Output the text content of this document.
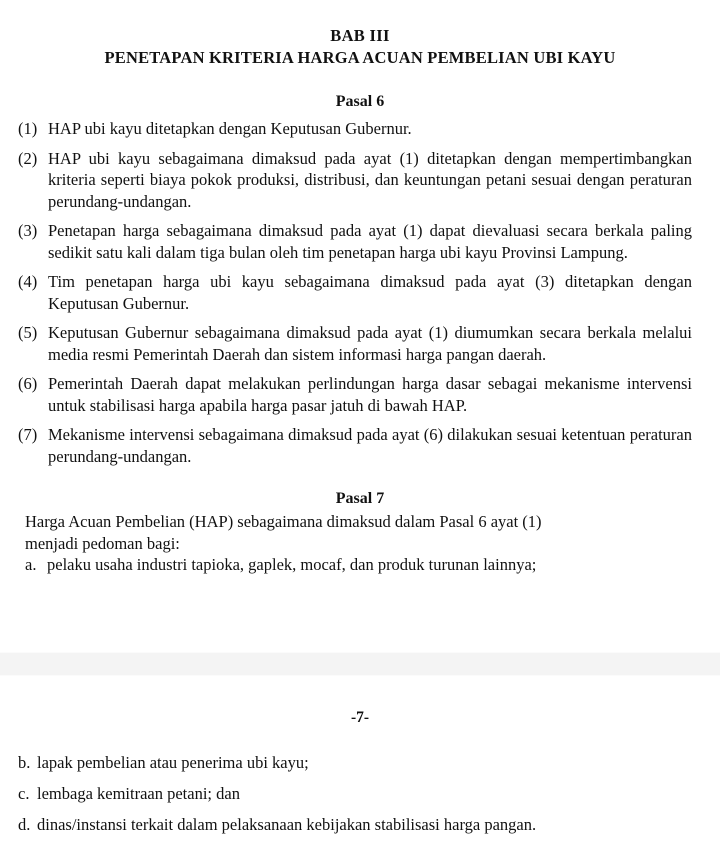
BAB III
PENETAPAN KRITERIA HARGA ACUAN PEMBELIAN UBI KAYU
Pasal 6
(1) HAP ubi kayu ditetapkan dengan Keputusan Gubernur.
(2) HAP ubi kayu sebagaimana dimaksud pada ayat (1) ditetapkan dengan mempertimbangkan kriteria seperti biaya pokok produksi, distribusi, dan keuntungan petani sesuai dengan peraturan perundang-undangan.
(3) Penetapan harga sebagaimana dimaksud pada ayat (1) dapat dievaluasi secara berkala paling sedikit satu kali dalam tiga bulan oleh tim penetapan harga ubi kayu Provinsi Lampung.
(4) Tim penetapan harga ubi kayu sebagaimana dimaksud pada ayat (3) ditetapkan dengan Keputusan Gubernur.
(5) Keputusan Gubernur sebagaimana dimaksud pada ayat (1) diumumkan secara berkala melalui media resmi Pemerintah Daerah dan sistem informasi harga pangan daerah.
(6) Pemerintah Daerah dapat melakukan perlindungan harga dasar sebagai mekanisme intervensi untuk stabilisasi harga apabila harga pasar jatuh di bawah HAP.
(7) Mekanisme intervensi sebagaimana dimaksud pada ayat (6) dilakukan sesuai ketentuan peraturan perundang-undangan.
Pasal 7

Harga Acuan Pembelian (HAP) sebagaimana dimaksud dalam Pasal 6 ayat (1)
menjadi pedoman bagi:

a. pelaku usaha industri tapioka, gaplek, mocaf, dan produk turunan lainnya;
-7-
b. lapak pembelian atau penerima ubi kayu;
c. lembaga kemitraan petani; dan
d. dinas/instansi terkait dalam pelaksanaan kebijakan stabilisasi harga pangan.
